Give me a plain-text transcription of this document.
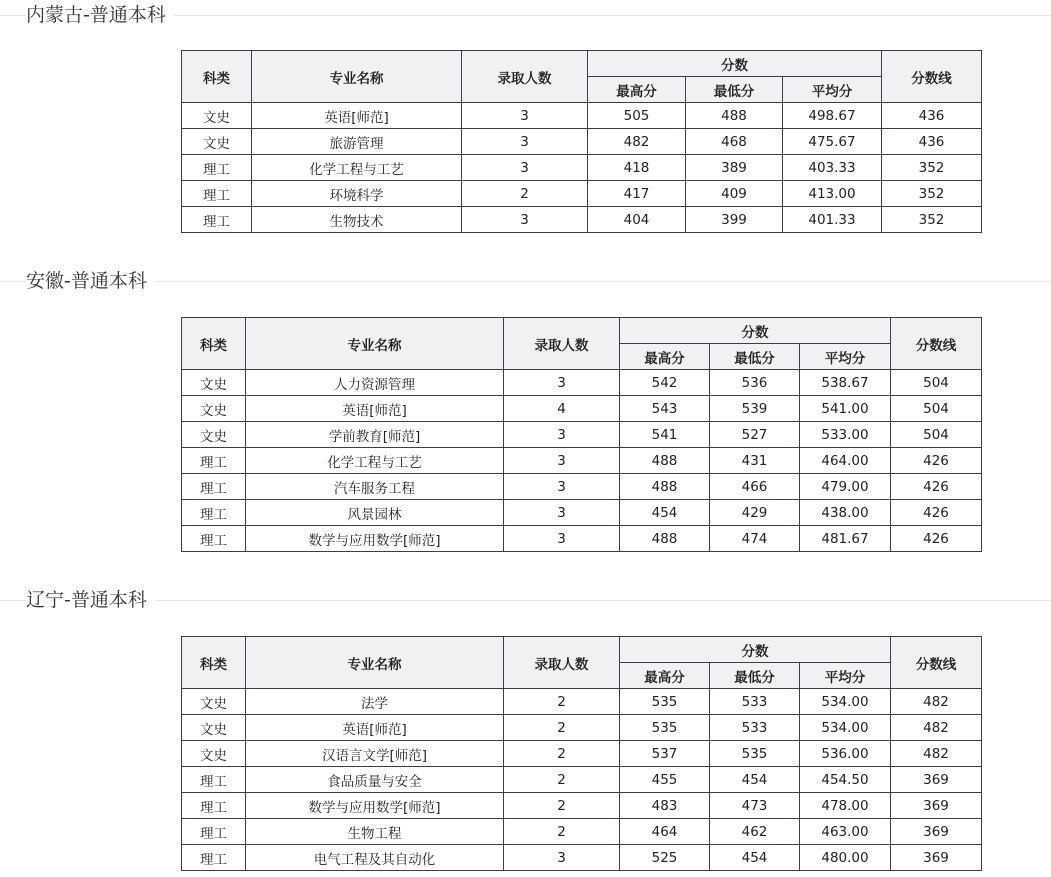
内蒙古-普通本科
科类	专业名称	录取人数	分数			分数线
			最高分	最低分	平均分	
文史	英语[师范]	3	505	488	498.67	436
文史	旅游管理	3	482	468	475.67	436
理工	化学工程与工艺	3	418	389	403.33	352
理工	环境科学	2	417	409	413.00	352
理工	生物技术	3	404	399	401.33	352
安徽-普通本科
科类	专业名称	录取人数	分数			分数线
			最高分	最低分	平均分	
文史	人力资源管理	3	542	536	538.67	504
文史	英语[师范]	4	543	539	541.00	504
文史	学前教育[师范]	3	541	527	533.00	504
理工	化学工程与工艺	3	488	431	464.00	426
理工	汽车服务工程	3	488	466	479.00	426
理工	风景园林	3	454	429	438.00	426
理工	数学与应用数学[师范]	3	488	474	481.67	426
辽宁-普通本科
科类	专业名称	录取人数	分数			分数线
			最高分	最低分	平均分	
文史	法学	2	535	533	534.00	482
文史	英语[师范]	2	535	533	534.00	482
文史	汉语言文学[师范]	2	537	535	536.00	482
理工	食品质量与安全	2	455	454	454.50	369
理工	数学与应用数学[师范]	2	483	473	478.00	369
理工	生物工程	2	464	462	463.00	369
理工	电气工程及其自动化	3	525	454	480.00	369
